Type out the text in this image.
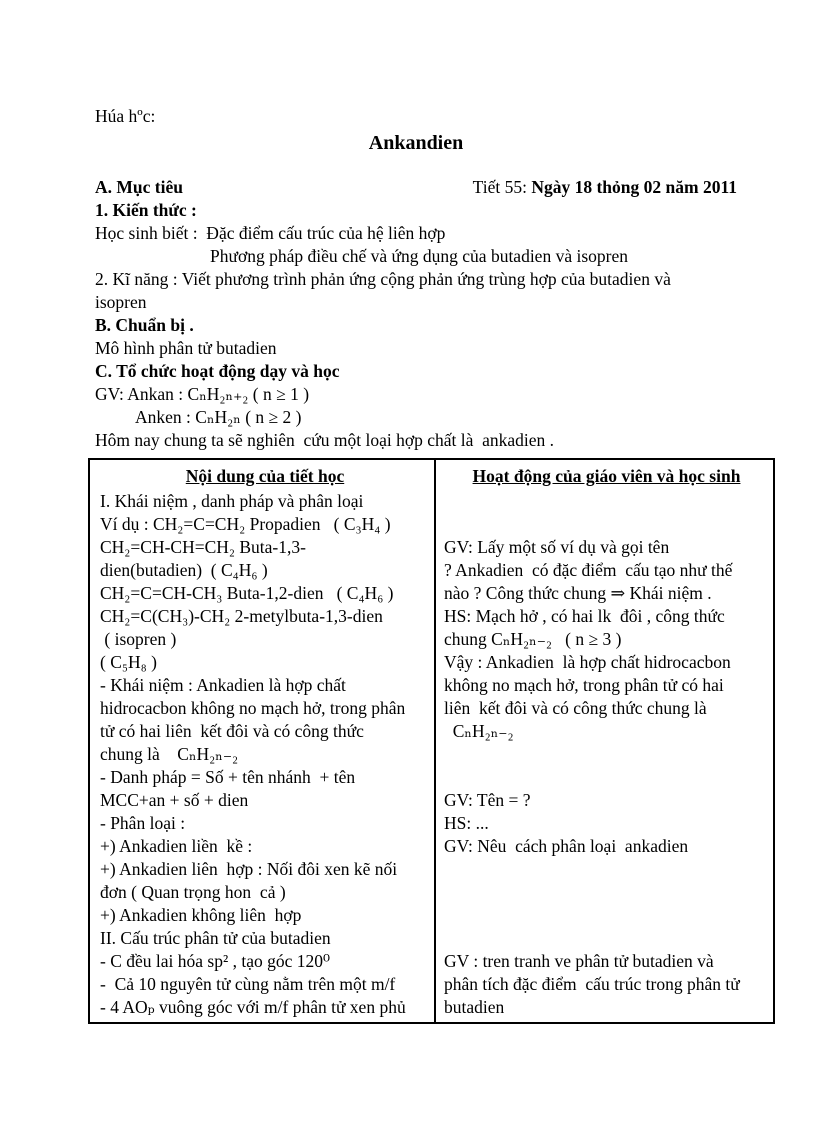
Húa hºc:

Ankandien
A. Mục tiêu	Tiết 55: Ngày 18 thỏng 02 năm 2011

1. Kiến thức :

Học sinh biết :  Đặc điểm cấu trúc của hệ liên hợp

Phương pháp điều chế và ứng dụng của butadien và isopren

2. Kĩ năng : Viết phương trình phản ứng cộng phản ứng trùng hợp của butadien và

isopren

B. Chuẩn bị .

Mô hình phân tử butadien

C. Tổ chức hoạt động dạy và học

GV: Ankan : CₙH₂ₙ₊₂ ( n ≥ 1 )

Anken : CₙH₂ₙ ( n ≥ 2 )

Hôm nay chung ta sẽ nghiên  cứu một loại hợp chất là  ankadien .

Nội dung của tiết học
I. Khái niệm , danh pháp và phân loại
Ví dụ : CH₂=C=CH₂ Propadien   ( C₃H₄ )
CH₂=CH-CH=CH₂ Buta-1,3-
dien(butadien)  ( C₄H₆ )
CH₂=C=CH-CH₃ Buta-1,2-dien   ( C₄H₆ )
CH₂=C(CH₃)-CH₂ 2-metylbuta-1,3-dien
( isopren )
( C₅H₈ )
- Khái niệm : Ankadien là hợp chất
hidrocacbon không no mạch hở, trong phân
tử có hai liên  kết đôi và có công thức
chung là    CₙH₂ₙ₋₂
- Danh pháp = Số + tên nhánh  + tên
MCC+an + số + dien
- Phân loại :
+) Ankadien liền  kề :
+) Ankadien liên  hợp : Nối đôi xen kẽ nối
đơn ( Quan trọng hon  cả )
+) Ankadien không liên  hợp
II. Cấu trúc phân tử của butadien
- C đều lai hóa sp² , tạo góc 120⁰
-  Cả 10 nguyên tử cùng nằm trên một m/f
- 4 AOₚ vuông góc với m/f phân tử xen phủ
Hoạt động của giáo viên và học sinh
GV: Lấy một số ví dụ và gọi tên
? Ankadien  có đặc điểm  cấu tạo như thế
nào ? Công thức chung ⇒ Khái niệm .
HS: Mạch hở , có hai lk  đôi , công thức
chung CₙH₂ₙ₋₂   ( n ≥ 3 )
Vậy : Ankadien  là hợp chất hidrocacbon
không no mạch hở, trong phân tử có hai
liên  kết đôi và có công thức chung là
CₙH₂ₙ₋₂
GV: Tên = ?
HS: ...
GV: Nêu  cách phân loại  ankadien
GV : tren tranh ve phân tử butadien và
phân tích đặc điểm  cấu trúc trong phân tử
butadien
